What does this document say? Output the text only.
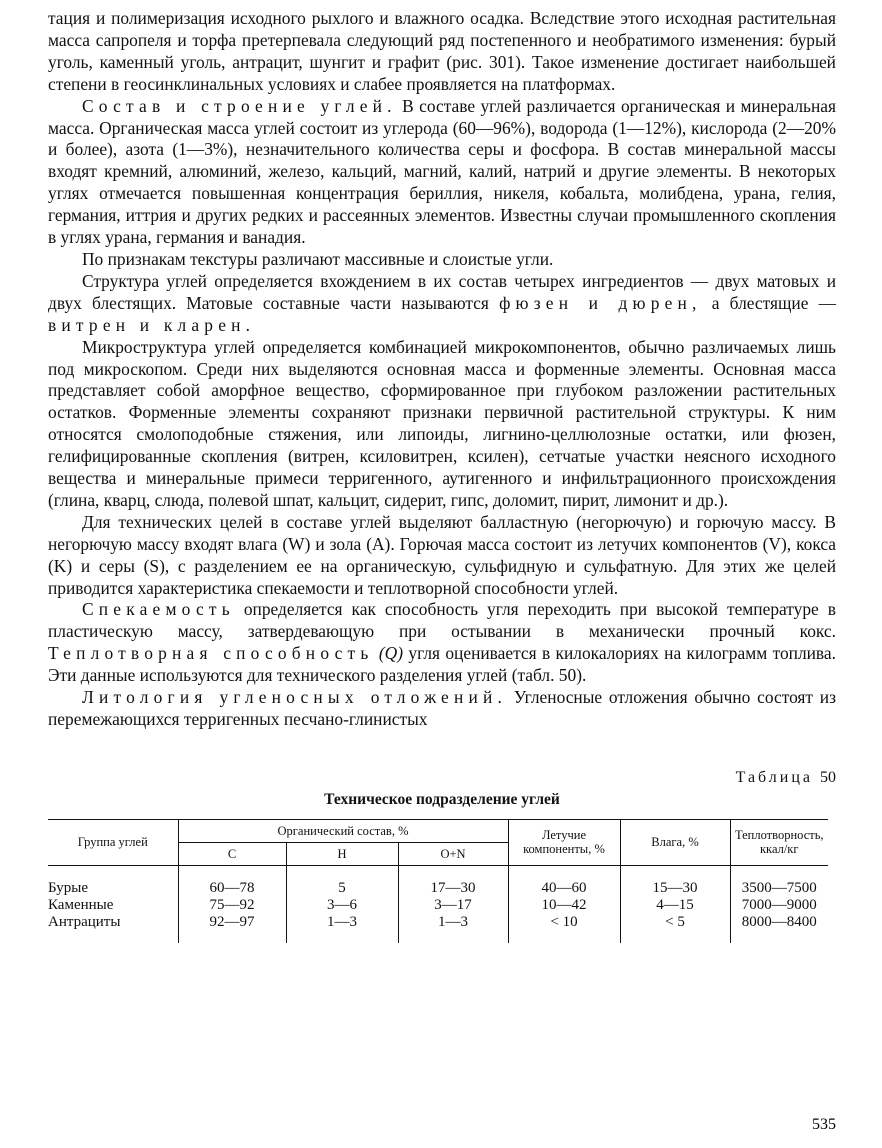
тация и полимеризация исходного рыхлого и влажного осадка. Вследствие этого исходная растительная масса сапропеля и торфа претерпевала следующий ряд постепенного и необратимого изменения: бурый уголь, каменный уголь, антрацит, шунгит и графит (рис. 301). Такое изменение достигает наибольшей степени в геосинклинальных условиях и слабее проявляется на платформах.

Состав и строение углей. В составе углей различается органическая и минеральная масса. Органическая масса углей состоит из углерода (60—96%), водорода (1—12%), кислорода (2—20% и более), азота (1—3%), незначительного количества серы и фосфора. В состав минеральной массы входят кремний, алюминий, железо, кальций, магний, калий, натрий и другие элементы. В некоторых углях отмечается повышенная концентрация бериллия, никеля, кобальта, молибдена, урана, гелия, германия, иттрия и других редких и рассеянных элементов. Известны случаи промышленного скопления в углях урана, германия и ванадия.

По признакам текстуры различают массивные и слоистые угли.

Структура углей определяется вхождением в их состав четырех ингредиентов — двух матовых и двух блестящих. Матовые составные части называются фюзен и дюрен, а блестящие — витрен и кларен.

Микроструктура углей определяется комбинацией микрокомпонентов, обычно различаемых лишь под микроскопом. Среди них выделяются основная масса и форменные элементы. Основная масса представляет собой аморфное вещество, сформированное при глубоком разложении растительных остатков. Форменные элементы сохраняют признаки первичной растительной структуры. К ним относятся смолоподобные стяжения, или липоиды, лигнино-целлюлозные остатки, или фюзен, гелифицированные скопления (витрен, ксиловитрен, ксилен), сетчатые участки неясного исходного вещества и минеральные примеси терригенного, аутигенного и инфильтрационного происхождения (глина, кварц, слюда, полевой шпат, кальцит, сидерит, гипс, доломит, пирит, лимонит и др.).

Для технических целей в составе углей выделяют балластную (негорючую) и горючую массу. В негорючую массу входят влага (W) и зола (A). Горючая масса состоит из летучих компонентов (V), кокса (K) и серы (S), с разделением ее на органическую, сульфидную и сульфатную. Для этих же целей приводится характеристика спекаемости и теплотворной способности углей.

Спекаемость определяется как способность угля переходить при высокой температуре в пластическую массу, затвердевающую при остывании в механически прочный кокс. Теплотворная способность (Q) угля оценивается в килокалориях на килограмм топлива. Эти данные используются для технического разделения углей (табл. 50).

Литология угленосных отложений. Угленосные отложения обычно состоят из перемежающихся терригенных песчано-глинистых

Таблица 50
Техническое подразделение углей
Группа углей	Органический состав, %			Летучие компоненты, %	Влага, %	Теплотворность, ккал/кг
	C	H	O+N			
Бурые	60—78	5	17—30	40—60	15—30	3500—7500
Каменные	75—92	3—6	3—17	10—42	4—15	7000—9000
Антрациты	92—97	1—3	1—3	< 10	< 5	8000—8400
535
